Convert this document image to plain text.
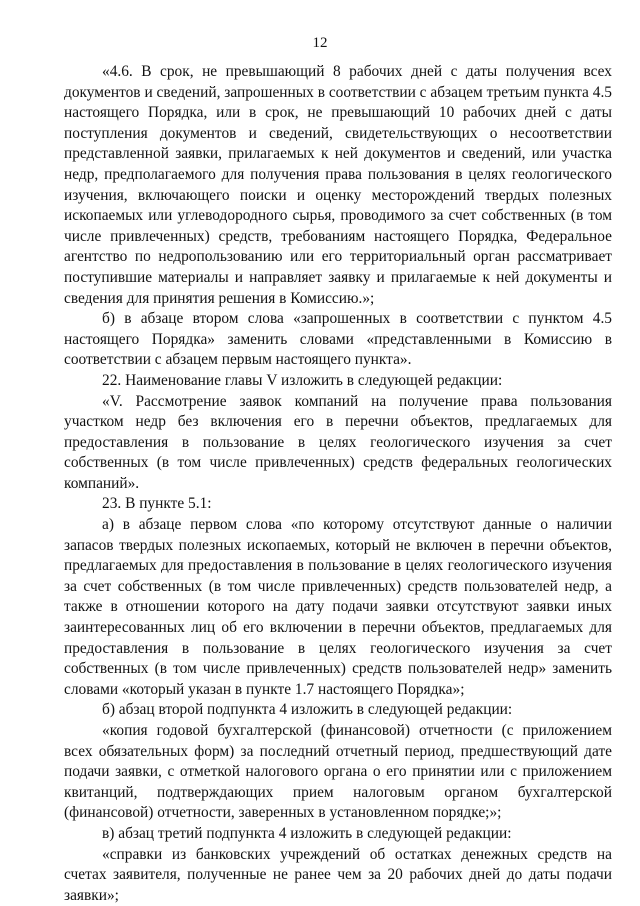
12

«4.6. В срок, не превышающий 8 рабочих дней с даты получения всех документов и сведений, запрошенных в соответствии с абзацем третьим пункта 4.5 настоящего Порядка, или в срок, не превышающий 10 рабочих дней с даты поступления документов и сведений, свидетельствующих о несоответствии представленной заявки, прилагаемых к ней документов и сведений, или участка недр, предполагаемого для получения права пользования в целях геологического изучения, включающего поиски и оценку месторождений твердых полезных ископаемых или углеводородного сырья, проводимого за счет собственных (в том числе привлеченных) средств, требованиям настоящего Порядка, Федеральное агентство по недропользованию или его территориальный орган рассматривает поступившие материалы и направляет заявку и прилагаемые к ней документы и сведения для принятия решения в Комиссию.»;

б) в абзаце втором слова «запрошенных в соответствии с пунктом 4.5 настоящего Порядка» заменить словами «представленными в Комиссию в соответствии с абзацем первым настоящего пункта».

22. Наименование главы V изложить в следующей редакции:

«V. Рассмотрение заявок компаний на получение права пользования участком недр без включения его в перечни объектов, предлагаемых для предоставления в пользование в целях геологического изучения за счет собственных (в том числе привлеченных) средств федеральных геологических компаний».

23. В пункте 5.1:

а) в абзаце первом слова «по которому отсутствуют данные о наличии запасов твердых полезных ископаемых, который не включен в перечни объектов, предлагаемых для предоставления в пользование в целях геологического изучения за счет собственных (в том числе привлеченных) средств пользователей недр, а также в отношении которого на дату подачи заявки отсутствуют заявки иных заинтересованных лиц об его включении в перечни объектов, предлагаемых для предоставления в пользование в целях геологического изучения за счет собственных (в том числе привлеченных) средств пользователей недр» заменить словами «который указан в пункте 1.7 настоящего Порядка»;

б) абзац второй подпункта 4 изложить в следующей редакции:

«копия годовой бухгалтерской (финансовой) отчетности (с приложением всех обязательных форм) за последний отчетный период, предшествующий дате подачи заявки, с отметкой налогового органа о его принятии или с приложением квитанций, подтверждающих прием налоговым органом бухгалтерской (финансовой) отчетности, заверенных в установленном порядке;»;

в) абзац третий подпункта 4 изложить в следующей редакции:

«справки из банковских учреждений об остатках денежных средств на счетах заявителя, полученные не ранее чем за 20 рабочих дней до даты подачи заявки»;
